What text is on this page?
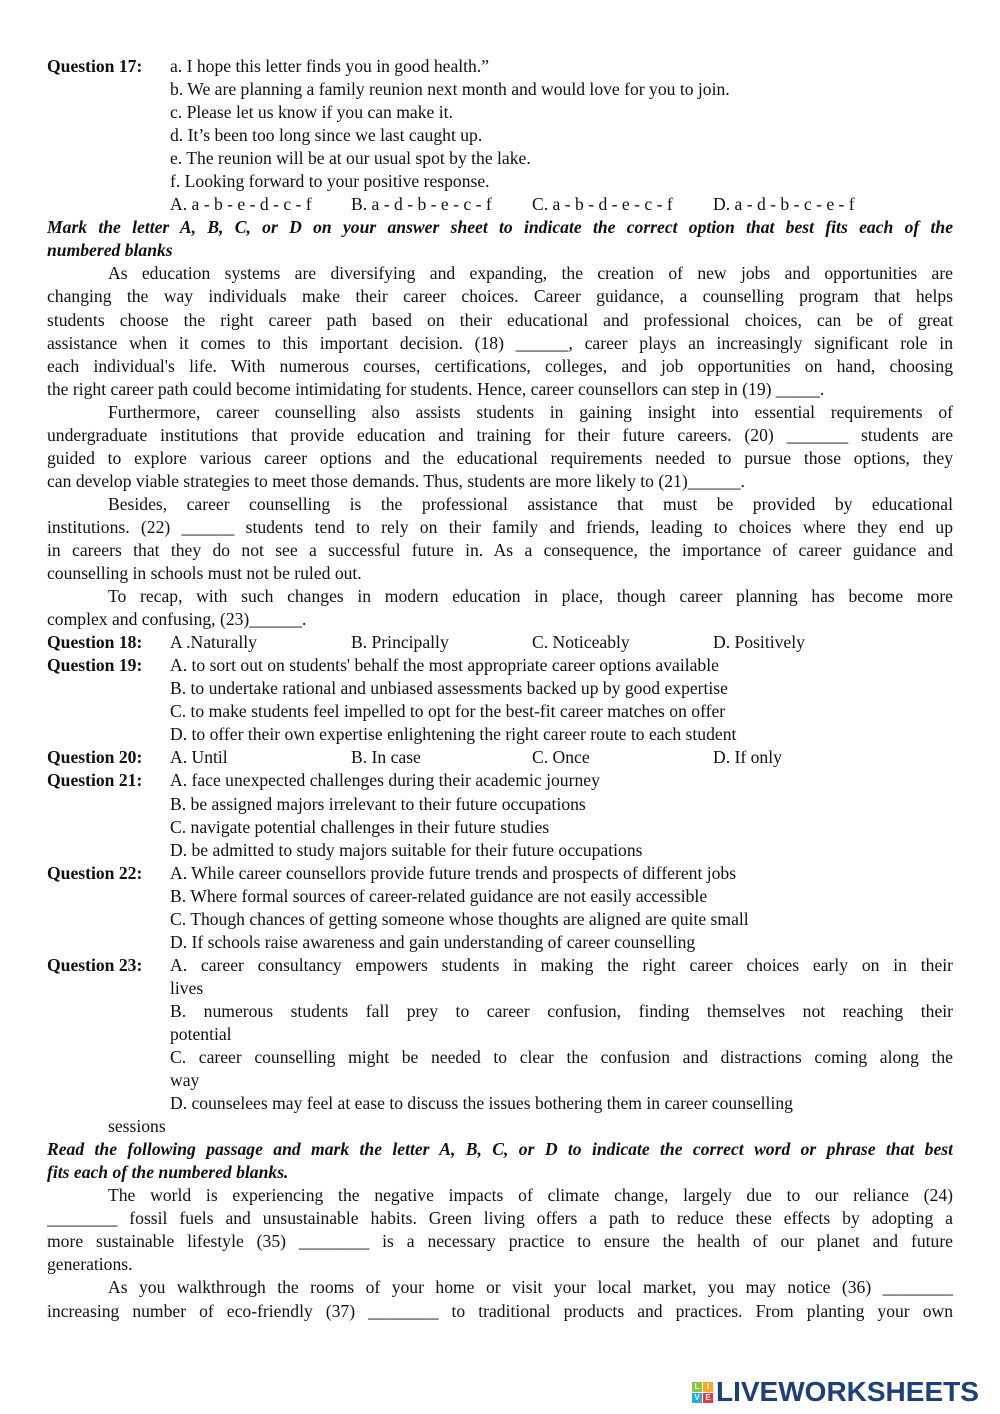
Question 17: a. I hope this letter finds you in good health.”
b. We are planning a family reunion next month and would love for you to join.
c. Please let us know if you can make it.
d. It’s been too long since we last caught up.
e. The reunion will be at our usual spot by the lake.
f. Looking forward to your positive response.
A. a - b - e - d - c - f	B. a - d - b - e - c - f	C. a - b - d - e - c - f	D. a - d - b - c - e - f
Mark the letter A, B, C, or D on your answer sheet to indicate the correct option that best fits each of the
numbered blanks
As education systems are diversifying and expanding, the creation of new jobs and opportunities are
changing the way individuals make their career choices. Career guidance, a counselling program that helps
students choose the right career path based on their educational and professional choices, can be of great
assistance when it comes to this important decision. (18) ______, career plays an increasingly significant role in
each individual's life. With numerous courses, certifications, colleges, and job opportunities on hand, choosing
the right career path could become intimidating for students. Hence, career counsellors can step in (19) _____.
Furthermore, career counselling also assists students in gaining insight into essential requirements of
undergraduate institutions that provide education and training for their future careers. (20) _______ students are
guided to explore various career options and the educational requirements needed to pursue those options, they
can develop viable strategies to meet those demands. Thus, students are more likely to (21)______.
Besides, career counselling is the professional assistance that must be provided by educational
institutions. (22) ______ students tend to rely on their family and friends, leading to choices where they end up
in careers that they do not see a successful future in. As a consequence, the importance of career guidance and
counselling in schools must not be ruled out.
To recap, with such changes in modern education in place, though career planning has become more
complex and confusing, (23)______.
Question 18: A .Naturally	B. Principally	C. Noticeably	D. Positively
Question 19: A. to sort out on students' behalf the most appropriate career options available
B. to undertake rational and unbiased assessments backed up by good expertise
C. to make students feel impelled to opt for the best-fit career matches on offer
D. to offer their own expertise enlightening the right career route to each student
Question 20: A. Until	B. In case	C. Once	D. If only
Question 21: A. face unexpected challenges during their academic journey
B. be assigned majors irrelevant to their future occupations
C. navigate potential challenges in their future studies
D. be admitted to study majors suitable for their future occupations
Question 22: A. While career counsellors provide future trends and prospects of different jobs
B. Where formal sources of career-related guidance are not easily accessible
C. Though chances of getting someone whose thoughts are aligned are quite small
D. If schools raise awareness and gain understanding of career counselling
Question 23: A. career consultancy empowers students in making the right career choices early on in their
lives
B. numerous students fall prey to career confusion, finding themselves not reaching their
potential
C. career counselling might be needed to clear the confusion and distractions coming along the
way
D. counselees may feel at ease to discuss the issues bothering them in career counselling
sessions
Read the following passage and mark the letter A, B, C, or D to indicate the correct word or phrase that best
fits each of the numbered blanks.
The world is experiencing the negative impacts of climate change, largely due to our reliance (24)
________ fossil fuels and unsustainable habits. Green living offers a path to reduce these effects by adopting a
more sustainable lifestyle (35) ________ is a necessary practice to ensure the health of our planet and future
generations.
As you walkthrough the rooms of your home or visit your local market, you may notice (36) ________
increasing number of eco-friendly (37) ________ to traditional products and practices. From planting your own
L I
V E LIVEWORKSHEETS
